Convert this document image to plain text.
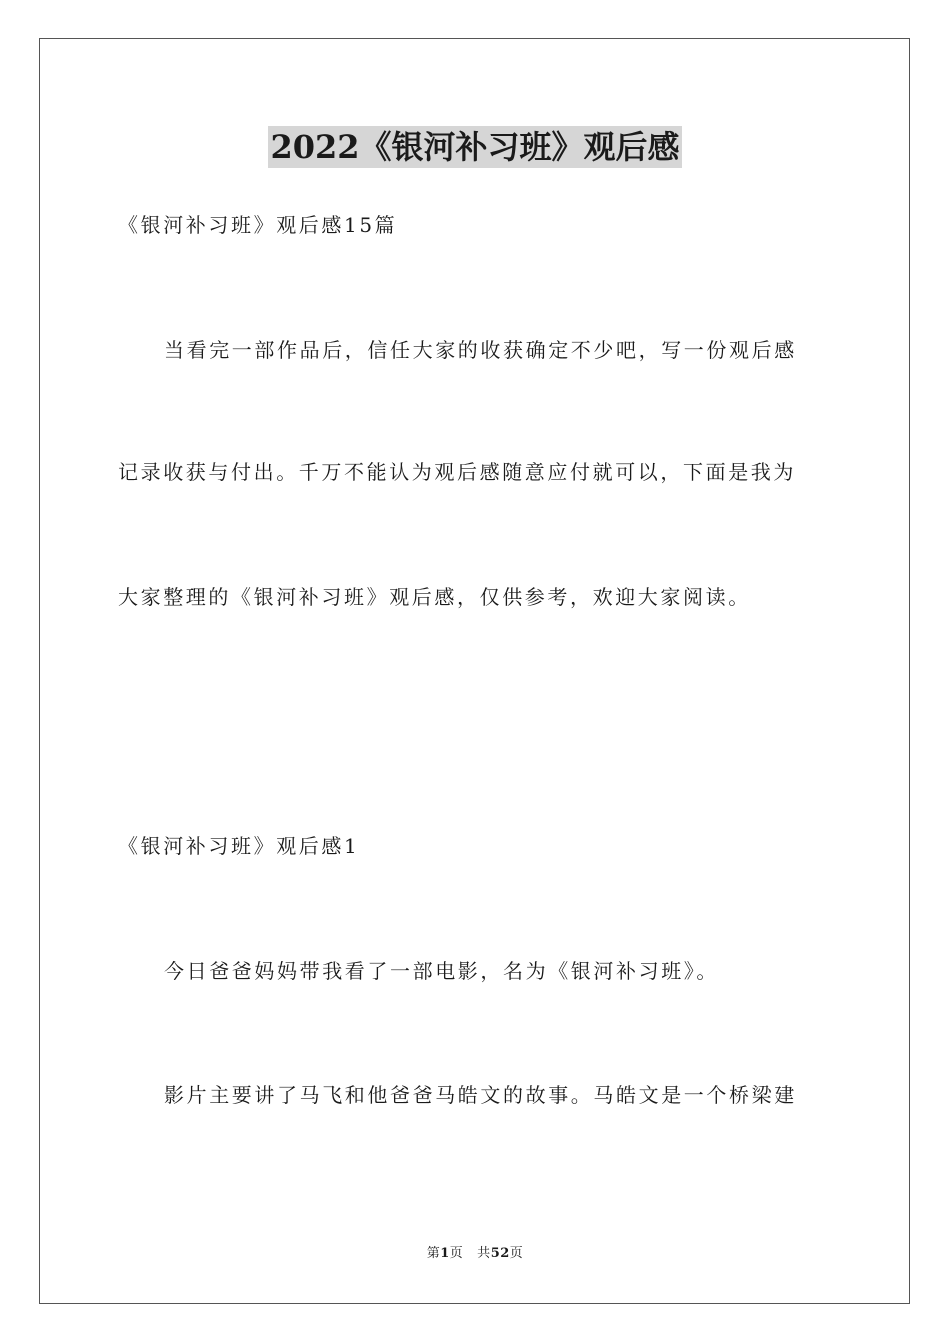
2022《银河补习班》观后感
《银河补习班》观后感15篇
当看完一部作品后，信任大家的收获确定不少吧，写一份观后感
记录收获与付出。千万不能认为观后感随意应付就可以，下面是我为
大家整理的《银河补习班》观后感，仅供参考，欢迎大家阅读。
《银河补习班》观后感1
今日爸爸妈妈带我看了一部电影，名为《银河补习班》。
影片主要讲了马飞和他爸爸马皓文的故事。马皓文是一个桥梁建
第1页 共52页
